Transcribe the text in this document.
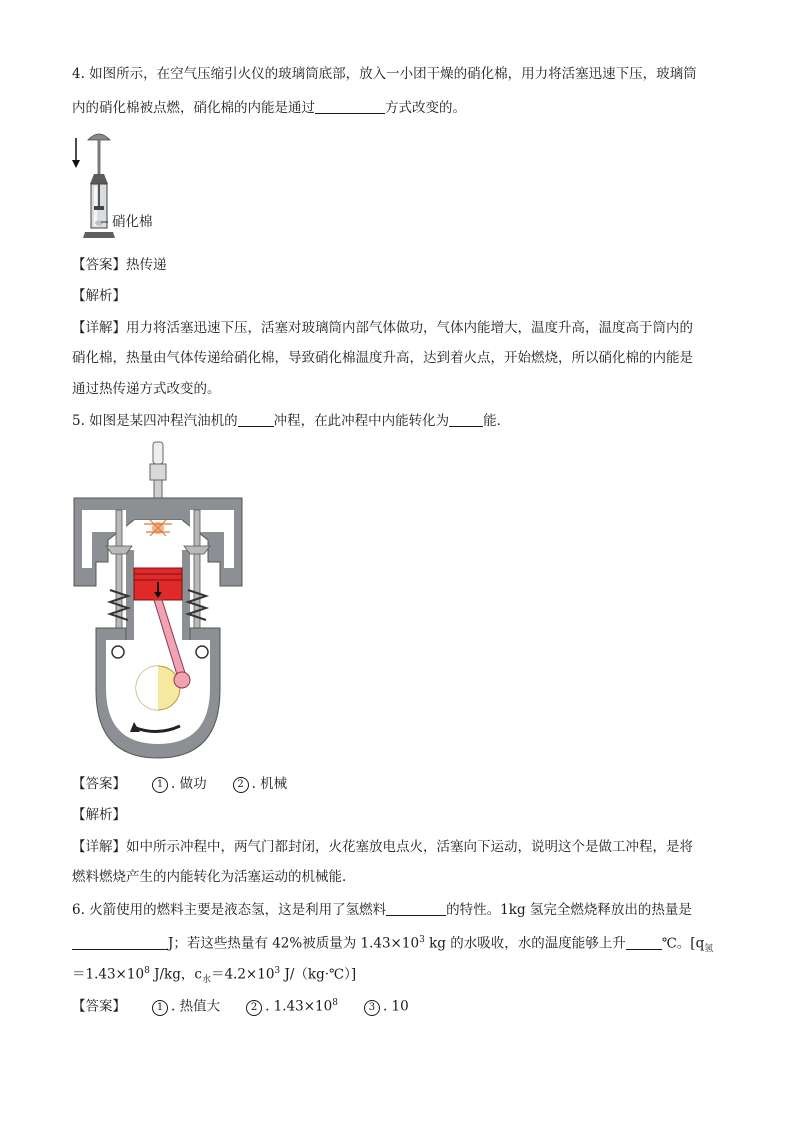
4. 如图所示，在空气压缩引火仪的玻璃筒底部，放入一小团干燥的硝化棉，用力将活塞迅速下压，玻璃筒
内的硝化棉被点燃，硝化棉的内能是通过	方式改变的。
硝化棉
【答案】热传递
【解析】
【详解】用力将活塞迅速下压，活塞对玻璃筒内部气体做功，气体内能增大，温度升高，温度高于筒内的
硝化棉，热量由气体传递给硝化棉，导致硝化棉温度升高，达到着火点，开始燃烧，所以硝化棉的内能是
通过热传递方式改变的。
5. 如图是某四冲程汽油机的	冲程，在此冲程中内能转化为	能．
【答案】	1 . 做功	2 . 机械
【解析】
【详解】如中所示冲程中，两气门都封闭，火花塞放电点火，活塞向下运动，说明这个是做工冲程，是将
燃料燃烧产生的内能转化为活塞运动的机械能．
6. 火箭使用的燃料主要是液态氢，这是利用了氢燃料	的特性。1kg 氢完全燃烧释放出的热量是
J；若这些热量有 42%被质量为 $1.43\times 10^3$ kg 的水吸收，水的温度能够上升	℃。[$q_氢$
$=1.43\times 10^8$ J/kg，$c_水=4.2\times 10^3$ J/（kg·℃）]
【答案】	1 . 热值大	2 . $1.43\times 10^8$	3 . 10
